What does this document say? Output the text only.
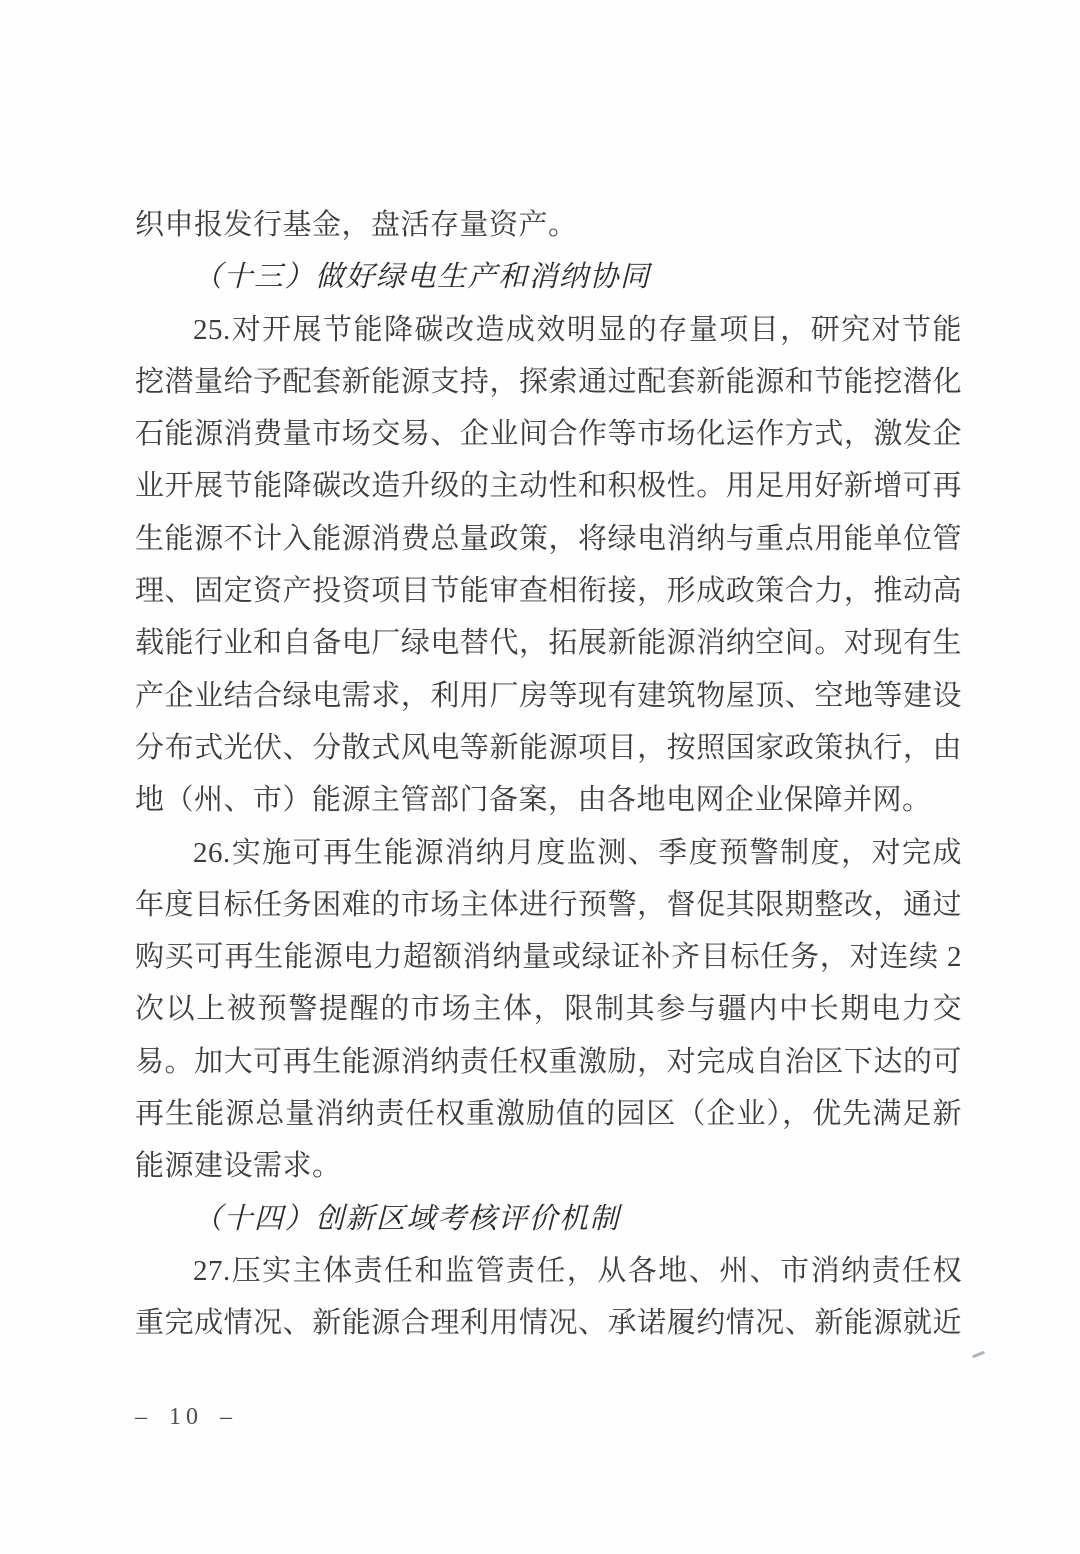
织申报发行基金，盘活存量资产。
（十三）做好绿电生产和消纳协同
25.对开展节能降碳改造成效明显的存量项目，研究对节能
挖潜量给予配套新能源支持，探索通过配套新能源和节能挖潜化
石能源消费量市场交易、企业间合作等市场化运作方式，激发企
业开展节能降碳改造升级的主动性和积极性。用足用好新增可再
生能源不计入能源消费总量政策，将绿电消纳与重点用能单位管
理、固定资产投资项目节能审查相衔接，形成政策合力，推动高
载能行业和自备电厂绿电替代，拓展新能源消纳空间。对现有生
产企业结合绿电需求，利用厂房等现有建筑物屋顶、空地等建设
分布式光伏、分散式风电等新能源项目，按照国家政策执行，由
地（州、市）能源主管部门备案，由各地电网企业保障并网。
26.实施可再生能源消纳月度监测、季度预警制度，对完成
年度目标任务困难的市场主体进行预警，督促其限期整改，通过
购买可再生能源电力超额消纳量或绿证补齐目标任务，对连续 2
次以上被预警提醒的市场主体，限制其参与疆内中长期电力交
易。加大可再生能源消纳责任权重激励，对完成自治区下达的可
再生能源总量消纳责任权重激励值的园区（企业），优先满足新
能源建设需求。
（十四）创新区域考核评价机制
27.压实主体责任和监管责任，从各地、州、市消纳责任权
重完成情况、新能源合理利用情况、承诺履约情况、新能源就近
– 10 –
